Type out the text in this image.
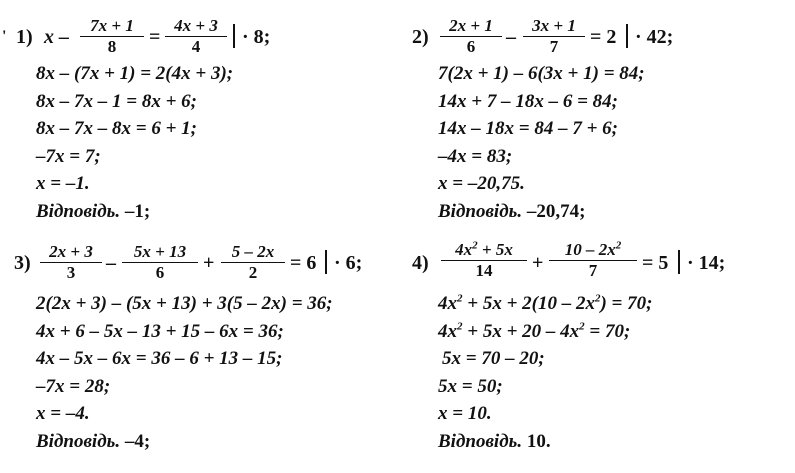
' 1) $x - \frac{7x + 1}{8} = \frac{4x + 3}{4} \cdot 8$;
8x – (7x + 1) = 2(4x + 3);
8x – 7x – 1 = 8x + 6;
8x – 7x – 8x = 6 + 1;
–7x = 7;
x = –1.
Відповідь. –1;
$2) \frac{2x + 1}{6} - \frac{3x + 1}{7} = 2 \cdot 42$;
7(2x + 1) – 6(3x + 1) = 84;
14x + 7 – 18x – 6 = 84;
14x – 18x = 84 – 7 + 6;
–4x = 83;
x = –20,75.
Відповідь. –20,74;
$3) \frac{2x + 3}{3} - \frac{5x + 13}{6} + \frac{5 - 2x}{2} = 6 \cdot 6$;
2(2x + 3) – (5x + 13) + 3(5 – 2x) = 36;
4x + 6 – 5x – 13 + 15 – 6x = 36;
4x – 5x – 6x = 36 – 6 + 13 – 15;
–7x = 28;
x = –4.
Відповідь. –4;
$4) \frac{4x^2 + 5x}{14} + \frac{10 - 2x^2}{7} = 5 \cdot 14$;
$4x^2 + 5x + 2(10 - 2x^2) = 70$;
$4x^2 + 5x + 20 - 4x^2 = 70$;
5x = 70 – 20;
5x = 50;
x = 10.
Відповідь. 10.
